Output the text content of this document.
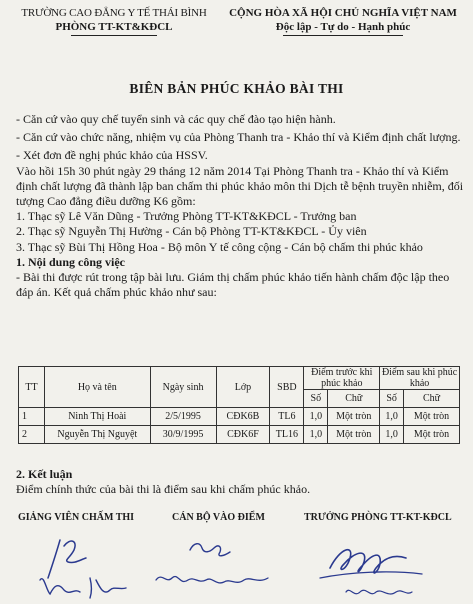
TRƯỜNG CAO ĐẲNG Y TẾ THÁI BÌNH
PHÒNG TT-KT&KĐCL
CỘNG HÒA XÃ HỘI CHỦ NGHĨA VIỆT NAM
Độc lập - Tự do - Hạnh phúc
BIÊN BẢN PHÚC KHẢO BÀI THI

- Căn cứ vào quy chế tuyển sinh và các quy chế đào tạo hiện hành.

- Căn cứ vào chức năng, nhiệm vụ của Phòng Thanh tra - Khảo thí và Kiểm định chất lượng.

- Xét đơn đề nghị phúc khảo của HSSV.

Vào hồi 15h 30 phút ngày 29 tháng 12 năm 2014 Tại Phòng Thanh tra - Khảo thí và Kiểm định chất lượng đã thành lập ban chấm thi phúc khảo môn thi Dịch tễ bệnh truyền nhiễm, đối tượng Cao đẳng điều dưỡng K6 gồm:

1. Thạc sỹ Lê Văn Dũng - Trưởng Phòng TT-KT&KĐCL - Trưởng ban

2. Thạc sỹ Nguyễn Thị Hường - Cán bộ Phòng TT-KT&KĐCL - Ủy viên

3. Thạc sỹ Bùi Thị Hồng Hoa - Bộ môn Y tế công cộng - Cán bộ chấm thi phúc khảo

1. Nội dung công việc

- Bài thi được rút trong tập bài lưu. Giám thị chấm phúc khảo tiến hành chấm độc lập theo đáp án. Kết quả chấm phúc khảo như sau:

TT	Họ và tên	Ngày sinh	Lớp	SBD	Điểm trước khi phúc khảo		Điểm sau khi phúc khảo	
					Số	Chữ	Số	Chữ
1	Ninh Thị Hoài	2/5/1995	CĐK6B	TL6	1,0	Một tròn	1,0	Một tròn
2	Nguyễn Thị Nguyệt	30/9/1995	CĐK6F	TL16	1,0	Một tròn	1,0	Một tròn
2. Kết luận
Điểm chính thức của bài thi là điểm sau khi chấm phúc khảo.
GIẢNG VIÊN CHẤM THI	CÁN BỘ VÀO ĐIỂM	TRƯỞNG PHÒNG TT-KT-KĐCL
